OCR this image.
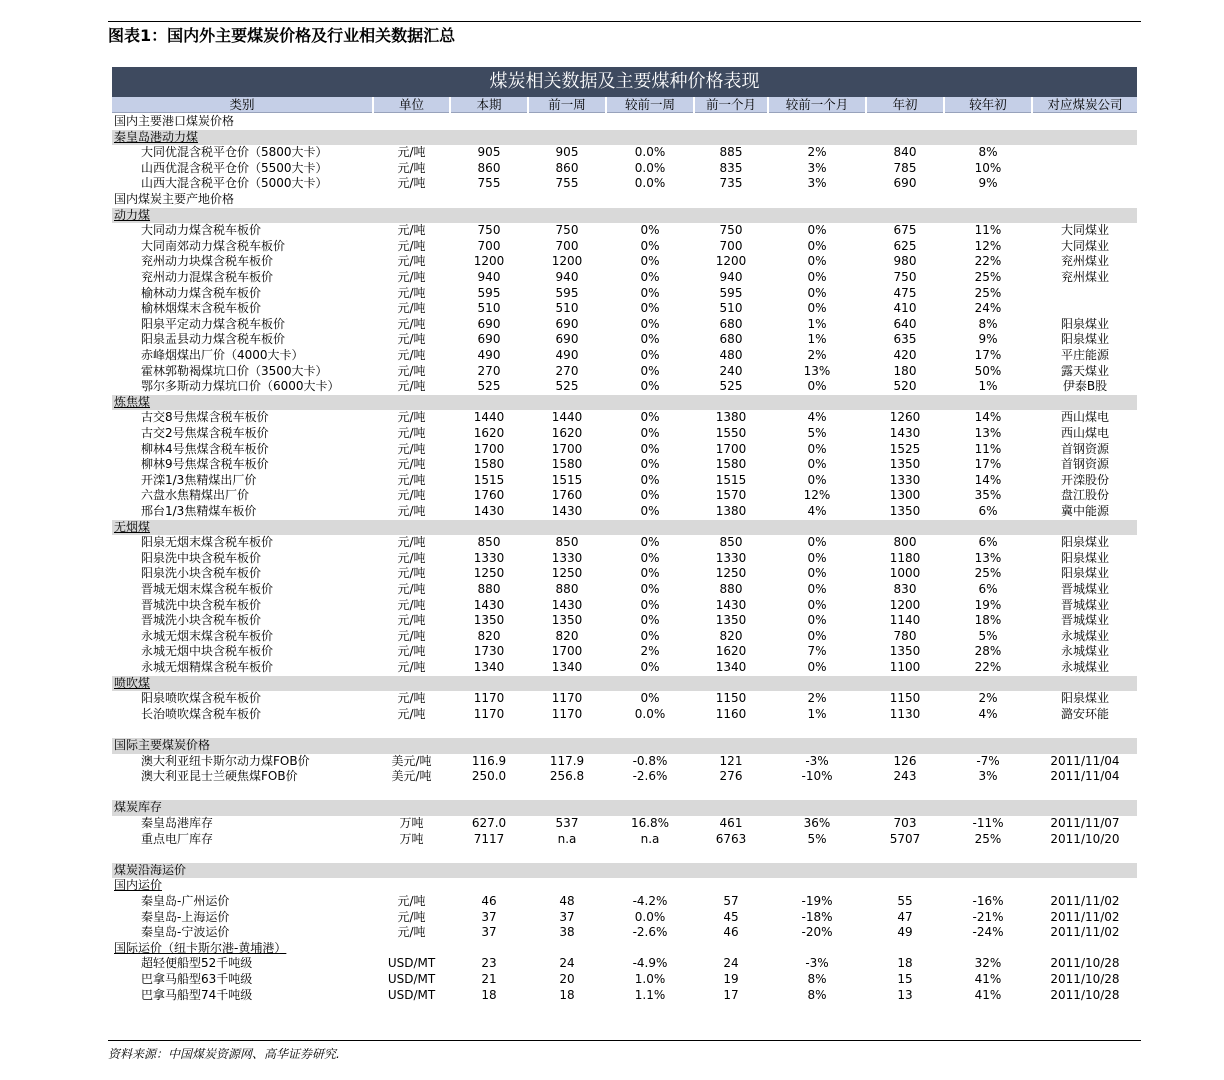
图表1：国内外主要煤炭价格及行业相关数据汇总
煤炭相关数据及主要煤种价格表现
类别	单位	本期	前一周	较前一周	前一个月	较前一个月	年初	较年初	对应煤炭公司
国内主要港口煤炭价格
秦皇岛港动力煤
大同优混含税平仓价（5800大卡）	元/吨	905	905	0.0%	885	2%	840	8%
山西优混含税平仓价（5500大卡）	元/吨	860	860	0.0%	835	3%	785	10%
山西大混含税平仓价（5000大卡）	元/吨	755	755	0.0%	735	3%	690	9%
国内煤炭主要产地价格
动力煤
大同动力煤含税车板价	元/吨	750	750	0%	750	0%	675	11%	大同煤业
大同南郊动力煤含税车板价	元/吨	700	700	0%	700	0%	625	12%	大同煤业
兖州动力块煤含税车板价	元/吨	1200	1200	0%	1200	0%	980	22%	兖州煤业
兖州动力混煤含税车板价	元/吨	940	940	0%	940	0%	750	25%	兖州煤业
榆林动力煤含税车板价	元/吨	595	595	0%	595	0%	475	25%
榆林烟煤末含税车板价	元/吨	510	510	0%	510	0%	410	24%
阳泉平定动力煤含税车板价	元/吨	690	690	0%	680	1%	640	8%	阳泉煤业
阳泉盂县动力煤含税车板价	元/吨	690	690	0%	680	1%	635	9%	阳泉煤业
赤峰烟煤出厂价（4000大卡）	元/吨	490	490	0%	480	2%	420	17%	平庄能源
霍林郭勒褐煤坑口价（3500大卡）	元/吨	270	270	0%	240	13%	180	50%	露天煤业
鄂尔多斯动力煤坑口价（6000大卡）	元/吨	525	525	0%	525	0%	520	1%	伊泰B股
炼焦煤
古交8号焦煤含税车板价	元/吨	1440	1440	0%	1380	4%	1260	14%	西山煤电
古交2号焦煤含税车板价	元/吨	1620	1620	0%	1550	5%	1430	13%	西山煤电
柳林4号焦煤含税车板价	元/吨	1700	1700	0%	1700	0%	1525	11%	首钢资源
柳林9号焦煤含税车板价	元/吨	1580	1580	0%	1580	0%	1350	17%	首钢资源
开滦1/3焦精煤出厂价	元/吨	1515	1515	0%	1515	0%	1330	14%	开滦股份
六盘水焦精煤出厂价	元/吨	1760	1760	0%	1570	12%	1300	35%	盘江股份
邢台1/3焦精煤车板价	元/吨	1430	1430	0%	1380	4%	1350	6%	冀中能源
无烟煤
阳泉无烟末煤含税车板价	元/吨	850	850	0%	850	0%	800	6%	阳泉煤业
阳泉洗中块含税车板价	元/吨	1330	1330	0%	1330	0%	1180	13%	阳泉煤业
阳泉洗小块含税车板价	元/吨	1250	1250	0%	1250	0%	1000	25%	阳泉煤业
晋城无烟末煤含税车板价	元/吨	880	880	0%	880	0%	830	6%	晋城煤业
晋城洗中块含税车板价	元/吨	1430	1430	0%	1430	0%	1200	19%	晋城煤业
晋城洗小块含税车板价	元/吨	1350	1350	0%	1350	0%	1140	18%	晋城煤业
永城无烟末煤含税车板价	元/吨	820	820	0%	820	0%	780	5%	永城煤业
永城无烟中块含税车板价	元/吨	1730	1700	2%	1620	7%	1350	28%	永城煤业
永城无烟精煤含税车板价	元/吨	1340	1340	0%	1340	0%	1100	22%	永城煤业
喷吹煤
阳泉喷吹煤含税车板价	元/吨	1170	1170	0%	1150	2%	1150	2%	阳泉煤业
长治喷吹煤含税车板价	元/吨	1170	1170	0.0%	1160	1%	1130	4%	潞安环能
国际主要煤炭价格
澳大利亚纽卡斯尔动力煤FOB价	美元/吨	116.9	117.9	-0.8%	121	-3%	126	-7%	2011/11/04
澳大利亚昆士兰硬焦煤FOB价	美元/吨	250.0	256.8	-2.6%	276	-10%	243	3%	2011/11/04
煤炭库存
秦皇岛港库存	万吨	627.0	537	16.8%	461	36%	703	-11%	2011/11/07
重点电厂库存	万吨	7117	n.a	n.a	6763	5%	5707	25%	2011/10/20
煤炭沿海运价
国内运价
秦皇岛-广州运价	元/吨	46	48	-4.2%	57	-19%	55	-16%	2011/11/02
秦皇岛-上海运价	元/吨	37	37	0.0%	45	-18%	47	-21%	2011/11/02
秦皇岛-宁波运价	元/吨	37	38	-2.6%	46	-20%	49	-24%	2011/11/02
国际运价（纽卡斯尔港-黄埔港）
超轻便船型52千吨级	USD/MT	23	24	-4.9%	24	-3%	18	32%	2011/10/28
巴拿马船型63千吨级	USD/MT	21	20	1.0%	19	8%	15	41%	2011/10/28
巴拿马船型74千吨级	USD/MT	18	18	1.1%	17	8%	13	41%	2011/10/28
资料来源：中国煤炭资源网、高华证券研究.
